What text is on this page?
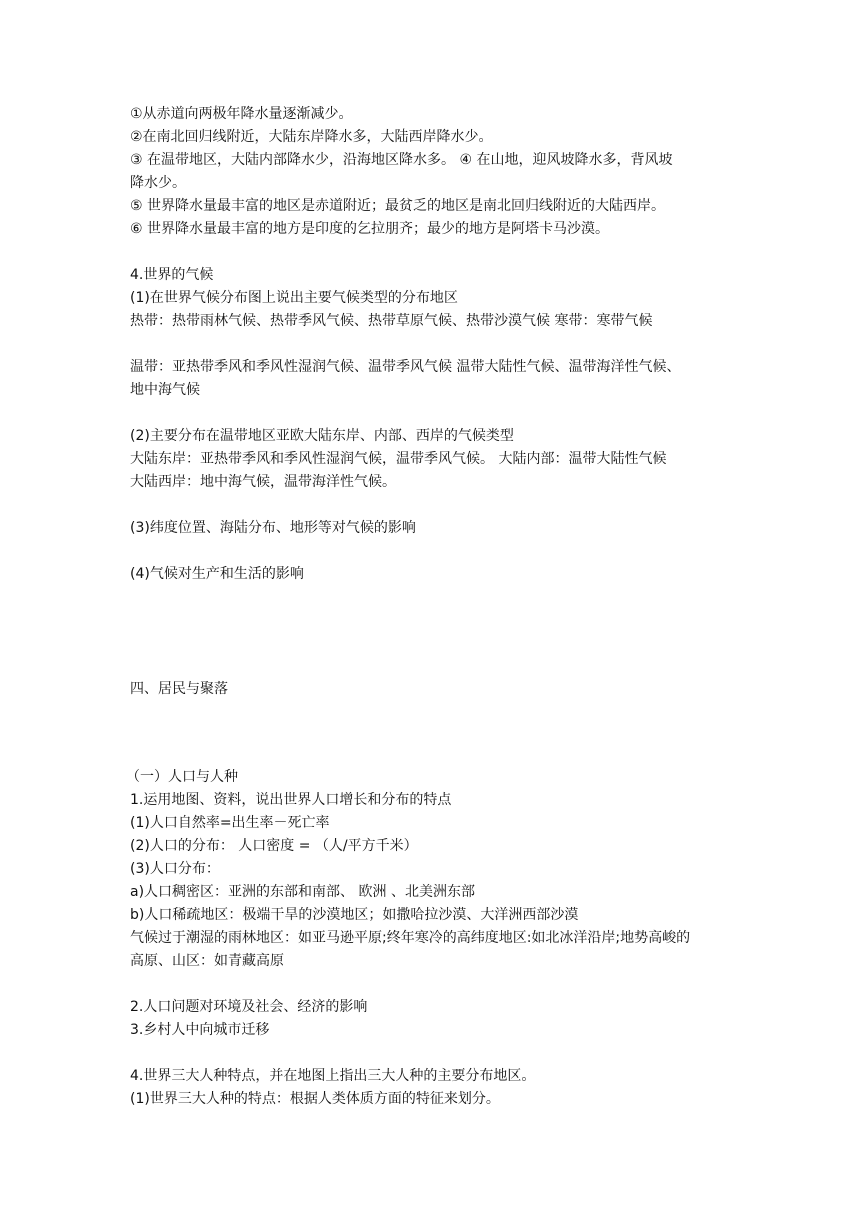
①从赤道向两极年降水量逐渐减少。
②在南北回归线附近，大陆东岸降水多，大陆西岸降水少。
③ 在温带地区，大陆内部降水少，沿海地区降水多。 ④ 在山地，迎风坡降水多，背风坡
降水少。
⑤ 世界降水量最丰富的地区是赤道附近；最贫乏的地区是南北回归线附近的大陆西岸。
⑥ 世界降水量最丰富的地方是印度的乞拉朋齐；最少的地方是阿塔卡马沙漠。
4.世界的气候
(1)在世界气候分布图上说出主要气候类型的分布地区
热带：热带雨林气候、热带季风气候、热带草原气候、热带沙漠气候 寒带：寒带气候
温带：亚热带季风和季风性湿润气候、温带季风气候 温带大陆性气候、温带海洋性气候、
地中海气候
(2)主要分布在温带地区亚欧大陆东岸、内部、西岸的气候类型
大陆东岸：亚热带季风和季风性湿润气候，温带季风气候。 大陆内部：温带大陆性气候
大陆西岸：地中海气候，温带海洋性气候。
(3)纬度位置、海陆分布、地形等对气候的影响
(4)气候对生产和生活的影响
四、居民与聚落
（一）人口与人种
1.运用地图、资料，说出世界人口增长和分布的特点
(1)人口自然率=出生率－死亡率
(2)人口的分布： 人口密度 = （人/平方千米）
(3)人口分布：
a)人口稠密区：亚洲的东部和南部、 欧洲 、北美洲东部
b)人口稀疏地区：极端干旱的沙漠地区；如撒哈拉沙漠、大洋洲西部沙漠
气候过于潮湿的雨林地区：如亚马逊平原;终年寒冷的高纬度地区:如北冰洋沿岸;地势高峻的
高原、山区：如青藏高原
2.人口问题对环境及社会、经济的影响
3.乡村人中向城市迁移
4.世界三大人种特点，并在地图上指出三大人种的主要分布地区。
(1)世界三大人种的特点：根据人类体质方面的特征来划分。
